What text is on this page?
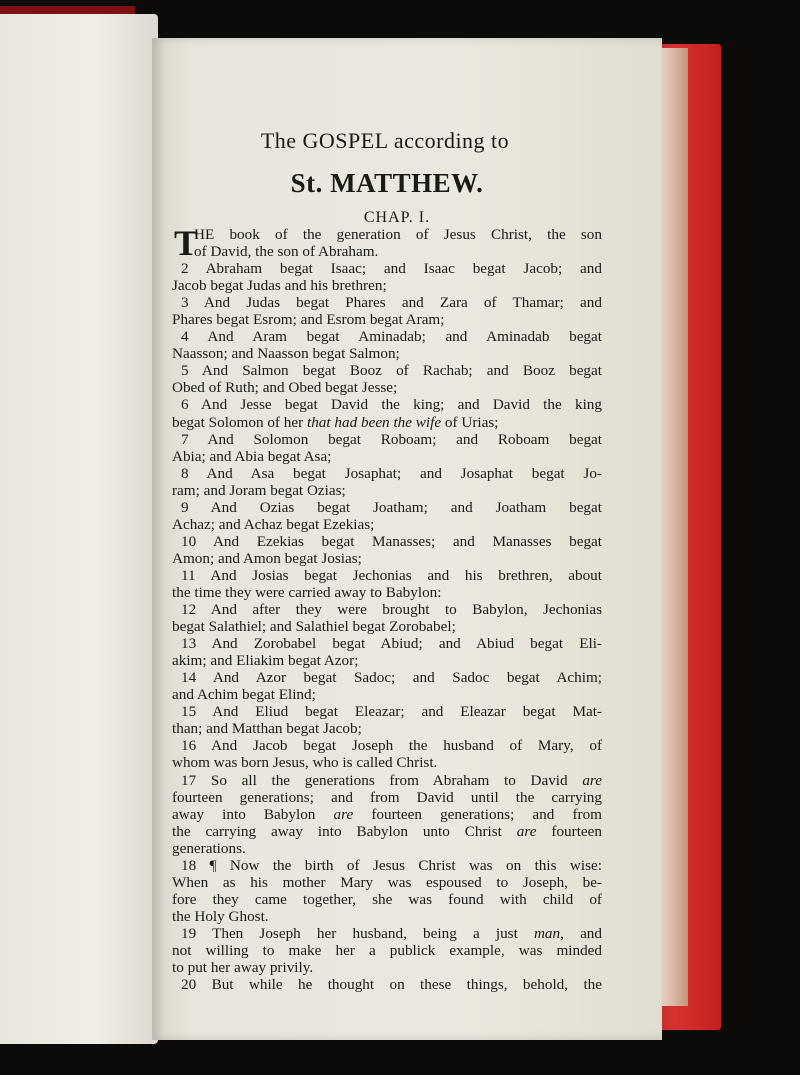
The GOSPEL according to
St. MATTHEW.
CHAP. I.
T
HE book of the generation of Jesus Christ, the son
of David, the son of Abraham.
2 Abraham begat Isaac; and Isaac begat Jacob; and
Jacob begat Judas and his brethren;
3 And Judas begat Phares and Zara of Thamar; and
Phares begat Esrom; and Esrom begat Aram;
4 And Aram begat Aminadab; and Aminadab begat
Naasson; and Naasson begat Salmon;
5 And Salmon begat Booz of Rachab; and Booz begat
Obed of Ruth; and Obed begat Jesse;
6 And Jesse begat David the king; and David the king
begat Solomon of her that had been the wife of Urias;
7 And Solomon begat Roboam; and Roboam begat
Abia; and Abia begat Asa;
8 And Asa begat Josaphat; and Josaphat begat Jo-
ram; and Joram begat Ozias;
9 And Ozias begat Joatham; and Joatham begat
Achaz; and Achaz begat Ezekias;
10 And Ezekias begat Manasses; and Manasses begat
Amon; and Amon begat Josias;
11 And Josias begat Jechonias and his brethren, about
the time they were carried away to Babylon:
12 And after they were brought to Babylon, Jechonias
begat Salathiel; and Salathiel begat Zorobabel;
13 And Zorobabel begat Abiud; and Abiud begat Eli-
akim; and Eliakim begat Azor;
14 And Azor begat Sadoc; and Sadoc begat Achim;
and Achim begat Elind;
15 And Eliud begat Eleazar; and Eleazar begat Mat-
than; and Matthan begat Jacob;
16 And Jacob begat Joseph the husband of Mary, of
whom was born Jesus, who is called Christ.
17 So all the generations from Abraham to David are
fourteen generations; and from David until the carrying
away into Babylon are fourteen generations; and from
the carrying away into Babylon unto Christ are fourteen
generations.
18 ¶ Now the birth of Jesus Christ was on this wise:
When as his mother Mary was espoused to Joseph, be-
fore they came together, she was found with child of
the Holy Ghost.
19 Then Joseph her husband, being a just man, and
not willing to make her a publick example, was minded
to put her away privily.
20 But while he thought on these things, behold, the
